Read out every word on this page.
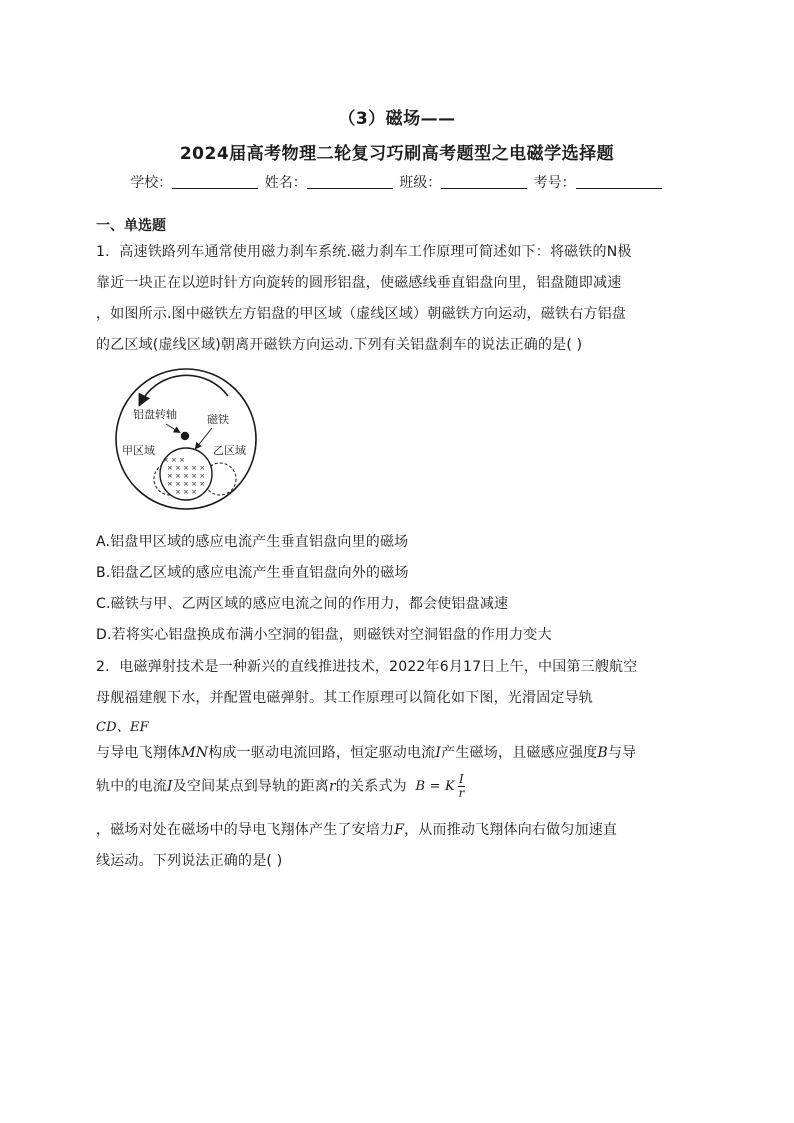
（3）磁场——
2024届高考物理二轮复习巧刷高考题型之电磁学选择题
学校：	姓名：	班级：	考号：
一、单选题
1．高速铁路列车通常使用磁力刹车系统.磁力刹车工作原理可简述如下：将磁铁的N极
靠近一块正在以逆时针方向旋转的圆形铝盘，使磁感线垂直铝盘向里，铝盘随即减速
，如图所示.图中磁铁左方铝盘的甲区域（虚线区域）朝磁铁方向运动，磁铁右方铝盘
的乙区域(虚线区域)朝离开磁铁方向运动.下列有关铝盘刹车的说法正确的是( )
铝盘转轴	磁铁
甲区域	乙区域
× × ×
× × × × ×
× × × × ×
× × × × ×
× × ×
A.铝盘甲区域的感应电流产生垂直铝盘向里的磁场
B.铝盘乙区域的感应电流产生垂直铝盘向外的磁场
C.磁铁与甲、乙两区域的感应电流之间的作用力，都会使铝盘减速
D.若将实心铝盘换成布满小空洞的铝盘，则磁铁对空洞铝盘的作用力变大
2．电磁弹射技术是一种新兴的直线推进技术，2022年6月17日上午，中国第三艘航空
母舰福建舰下水，并配置电磁弹射。其工作原理可以简化如下图，光滑固定导轨
CD、EF
与导电飞翔体MN构成一驱动电流回路，恒定驱动电流I产生磁场，且磁感应强度B与导
轨中的电流I及空间某点到导轨的距离r的关系式为 B = K $\frac{I}{r}$
，磁场对处在磁场中的导电飞翔体产生了安培力F，从而推动飞翔体向右做匀加速直
线运动。下列说法正确的是( )
